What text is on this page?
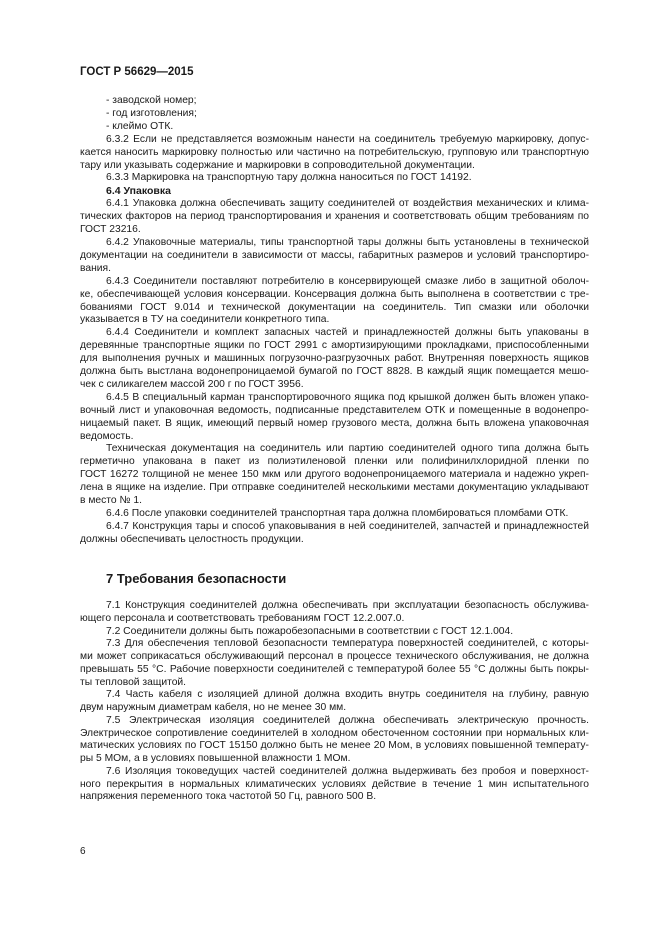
ГОСТ Р 56629—2015
- заводской номер;
- год изготовления;
- клеймо ОТК.
6.3.2 Если не представляется возможным нанести на соединитель требуемую маркировку, допус-
кается наносить маркировку полностью или частично на потребительскую, групповую или транспортную
тару или указывать содержание и маркировки в сопроводительной документации.
6.3.3 Маркировка на транспортную тару должна наноситься по ГОСТ 14192.
6.4 Упаковка
6.4.1 Упаковка должна обеспечивать защиту соединителей от воздействия механических и клима-
тических факторов на период транспортирования и хранения и соответствовать общим требованиям по
ГОСТ 23216.
6.4.2 Упаковочные материалы, типы транспортной тары должны быть установлены в технической
документации на соединители в зависимости от массы, габаритных размеров и условий транспортиро-
вания.
6.4.3 Соединители поставляют потребителю в консервирующей смазке либо в защитной оболоч-
ке, обеспечивающей условия консервации. Консервация должна быть выполнена в соответствии с тре-
бованиями ГОСТ 9.014 и технической документации на соединитель. Тип смазки или оболочки
указывается в ТУ на соединители конкретного типа.
6.4.4 Соединители и комплект запасных частей и принадлежностей должны быть упакованы в
деревянные транспортные ящики по ГОСТ 2991 с амортизирующими прокладками, приспособленными
для выполнения ручных и машинных погрузочно-разгрузочных работ. Внутренняя поверхность ящиков
должна быть выстлана водонепроницаемой бумагой по ГОСТ 8828. В каждый ящик помещается мешо-
чек с силикагелем массой 200 г по ГОСТ 3956.
6.4.5 В специальный карман транспортировочного ящика под крышкой должен быть вложен упако-
вочный лист и упаковочная ведомость, подписанные представителем ОТК и помещенные в водонепро-
ницаемый пакет. В ящик, имеющий первый номер грузового места, должна быть вложена упаковочная
ведомость.
Техническая документация на соединитель или партию соединителей одного типа должна быть
герметично упакована в пакет из полиэтиленовой пленки или полифинилхлоридной пленки по
ГОСТ 16272 толщиной не менее 150 мкм или другого водонепроницаемого материала и надежно укреп-
лена в ящике на изделие. При отправке соединителей несколькими местами документацию укладывают
в место № 1.
6.4.6 После упаковки соединителей транспортная тара должна пломбироваться пломбами ОТК.
6.4.7 Конструкция тары и способ упаковывания в ней соединителей, запчастей и принадлежностей
должны обеспечивать целостность продукции.
7 Требования безопасности
7.1 Конструкция соединителей должна обеспечивать при эксплуатации безопасность обслужива-
ющего персонала и соответствовать требованиям ГОСТ 12.2.007.0.
7.2 Соединители должны быть пожаробезопасными в соответствии с ГОСТ 12.1.004.
7.3 Для обеспечения тепловой безопасности температура поверхностей соединителей, с которы-
ми может соприкасаться обслуживающий персонал в процессе технического обслуживания, не должна
превышать 55 °С. Рабочие поверхности соединителей с температурой более 55 °С должны быть покры-
ты тепловой защитой.
7.4 Часть кабеля с изоляцией длиной должна входить внутрь соединителя на глубину, равную
двум наружным диаметрам кабеля, но не менее 30 мм.
7.5 Электрическая изоляция соединителей должна обеспечивать электрическую прочность.
Электрическое сопротивление соединителей в холодном обесточенном состоянии при нормальных кли-
матических условиях по ГОСТ 15150 должно быть не менее 20 Мом, в условиях повышенной температу-
ры 5 МОм, а в условиях повышенной влажности 1 МОм.
7.6 Изоляция токоведущих частей соединителей должна выдерживать без пробоя и поверхност-
ного перекрытия в нормальных климатических условиях действие в течение 1 мин испытательного
напряжения переменного тока частотой 50 Гц, равного 500 В.
6
